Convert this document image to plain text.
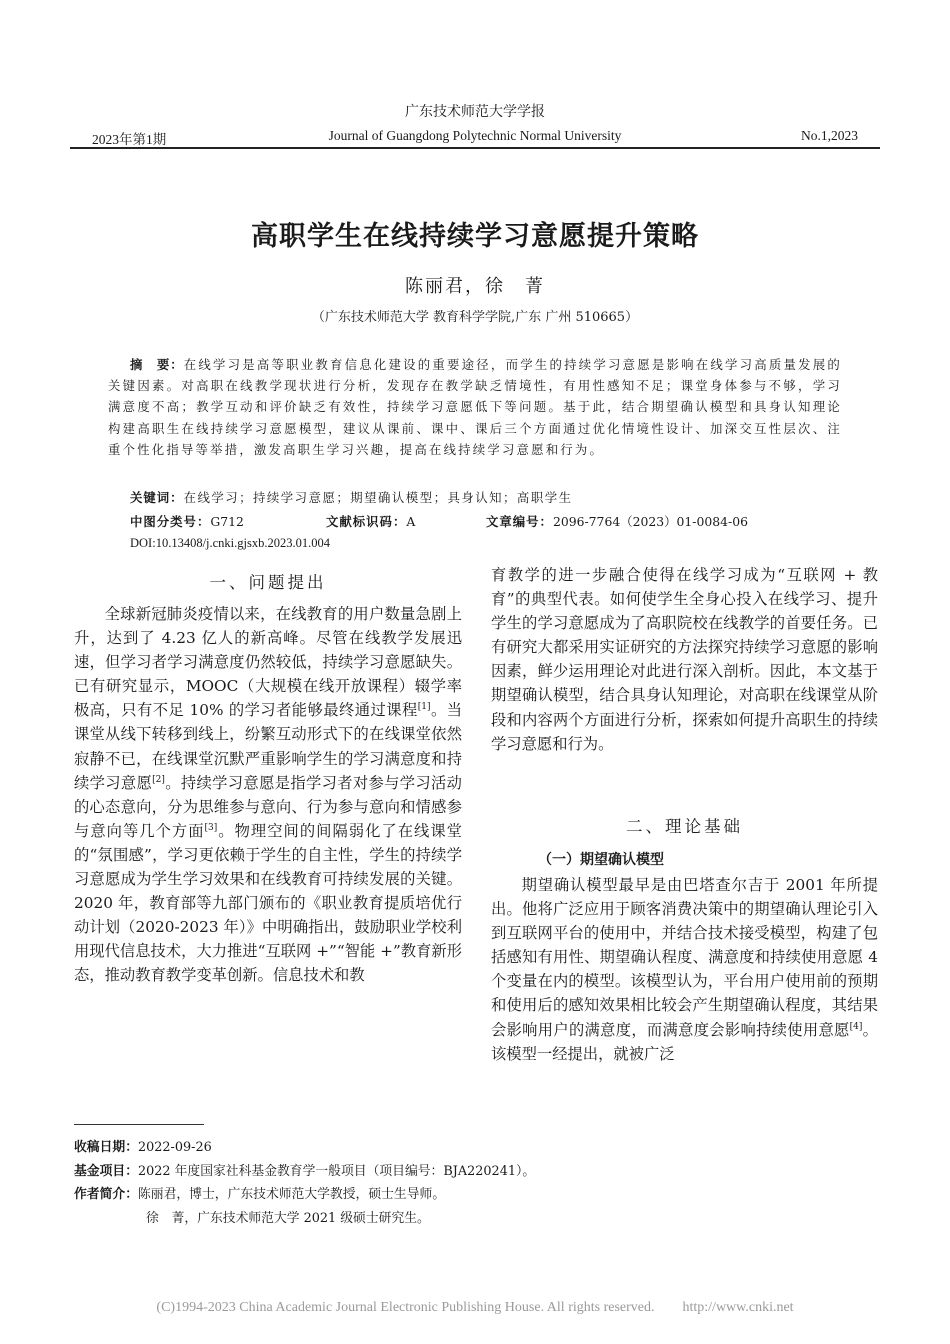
广东技术师范大学学报
Journal of Guangdong Polytechnic Normal University
2023年第1期	No.1,2023
高职学生在线持续学习意愿提升策略
陈丽君，徐　菁
（广东技术师范大学 教育科学学院,广东 广州 510665）
摘　要：在线学习是高等职业教育信息化建设的重要途径，而学生的持续学习意愿是影响在线学习高质量发展的关键因素。对高职在线教学现状进行分析，发现存在教学缺乏情境性，有用性感知不足；课堂身体参与不够，学习满意度不高；教学互动和评价缺乏有效性，持续学习意愿低下等问题。基于此，结合期望确认模型和具身认知理论构建高职生在线持续学习意愿模型，建议从课前、课中、课后三个方面通过优化情境性设计、加深交互性层次、注重个性化指导等举措，激发高职生学习兴趣，提高在线持续学习意愿和行为。
关键词：在线学习；持续学习意愿；期望确认模型；具身认知；高职学生
中图分类号：G712	文献标识码：A	文章编号：2096-7764（2023）01-0084-06
DOI:10.13408/j.cnki.gjsxb.2023.01.004
一、问题提出

全球新冠肺炎疫情以来，在线教育的用户数量急剧上升，达到了 4.23 亿人的新高峰。尽管在线教学发展迅速，但学习者学习满意度仍然较低，持续学习意愿缺失。已有研究显示，MOOC（大规模在线开放课程）辍学率极高，只有不足 10% 的学习者能够最终通过课程[1]。当课堂从线下转移到线上，纷繁互动形式下的在线课堂依然寂静不已，在线课堂沉默严重影响学生的学习满意度和持续学习意愿[2]。持续学习意愿是指学习者对参与学习活动的心态意向，分为思维参与意向、行为参与意向和情感参与意向等几个方面[3]。物理空间的间隔弱化了在线课堂的“氛围感”，学习更依赖于学生的自主性，学生的持续学习意愿成为学生学习效果和在线教育可持续发展的关键。2020 年，教育部等九部门颁布的《职业教育提质培优行动计划（2020-2023 年）》中明确指出，鼓励职业学校利用现代信息技术，大力推进“互联网 +”“智能 +”教育新形态，推动教育教学变革创新。信息技术和教

育教学的进一步融合使得在线学习成为“互联网 + 教育”的典型代表。如何使学生全身心投入在线学习、提升学生的学习意愿成为了高职院校在线教学的首要任务。已有研究大都采用实证研究的方法探究持续学习意愿的影响因素，鲜少运用理论对此进行深入剖析。因此，本文基于期望确认模型，结合具身认知理论，对高职在线课堂从阶段和内容两个方面进行分析，探索如何提升高职生的持续学习意愿和行为。

二、理论基础
（一）期望确认模型

期望确认模型最早是由巴塔查尔吉于 2001 年所提出。他将广泛应用于顾客消费决策中的期望确认理论引入到互联网平台的使用中，并结合技术接受模型，构建了包括感知有用性、期望确认程度、满意度和持续使用意愿 4 个变量在内的模型。该模型认为，平台用户使用前的预期和使用后的感知效果相比较会产生期望确认程度，其结果会影响用户的满意度，而满意度会影响持续使用意愿[4]。该模型一经提出，就被广泛

收稿日期：2022-09-26
基金项目：2022 年度国家社科基金教育学一般项目（项目编号：BJA220241）。
作者简介：陈丽君，博士，广东技术师范大学教授，硕士生导师。
徐　菁，广东技术师范大学 2021 级硕士研究生。
(C)1994-2023 China Academic Journal Electronic Publishing House. All rights reserved.　　http://www.cnki.net
